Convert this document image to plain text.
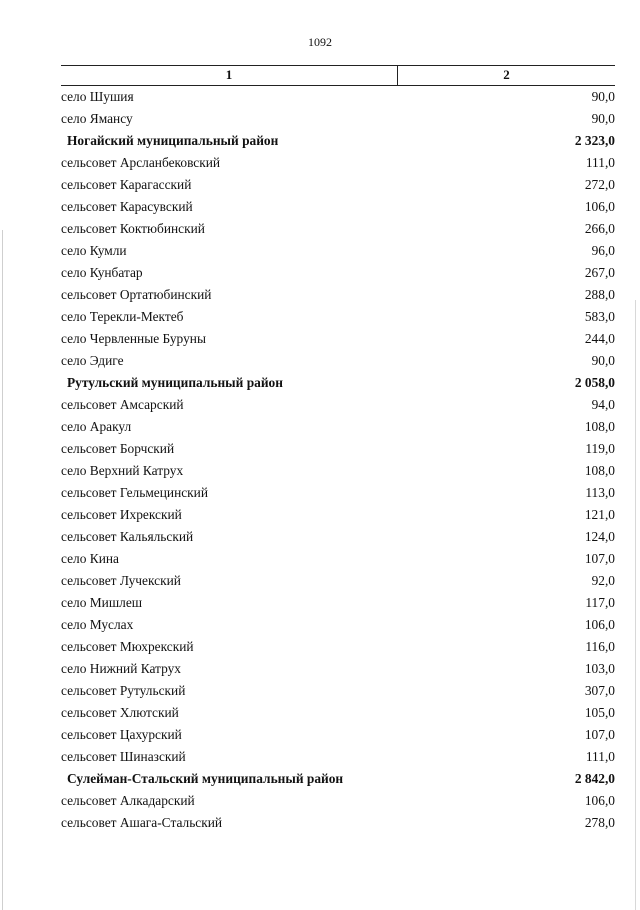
1092
1	2
село Шушия	90,0
село Ямансу	90,0
Ногайский муниципальный район	2 323,0
сельсовет Арсланбековский	111,0
сельсовет Карагасский	272,0
сельсовет Карасувский	106,0
сельсовет Коктюбинский	266,0
село Кумли	96,0
село Кунбатар	267,0
сельсовет Ортатюбинский	288,0
село Терекли-Мектеб	583,0
село Червленные Буруны	244,0
село Эдиге	90,0
Рутульский муниципальный район	2 058,0
сельсовет Амсарский	94,0
село Аракул	108,0
сельсовет Борчский	119,0
село Верхний Катрух	108,0
сельсовет Гельмецинский	113,0
сельсовет Ихрекский	121,0
сельсовет Кальяльский	124,0
село Кина	107,0
сельсовет Лучекский	92,0
село Мишлеш	117,0
село Муслах	106,0
сельсовет Мюхрекский	116,0
село Нижний Катрух	103,0
сельсовет Рутульский	307,0
сельсовет Хлютский	105,0
сельсовет Цахурский	107,0
сельсовет Шиназский	111,0
Сулейман-Стальский муниципальный район	2 842,0
сельсовет Алкадарский	106,0
сельсовет Ашага-Стальский	278,0
